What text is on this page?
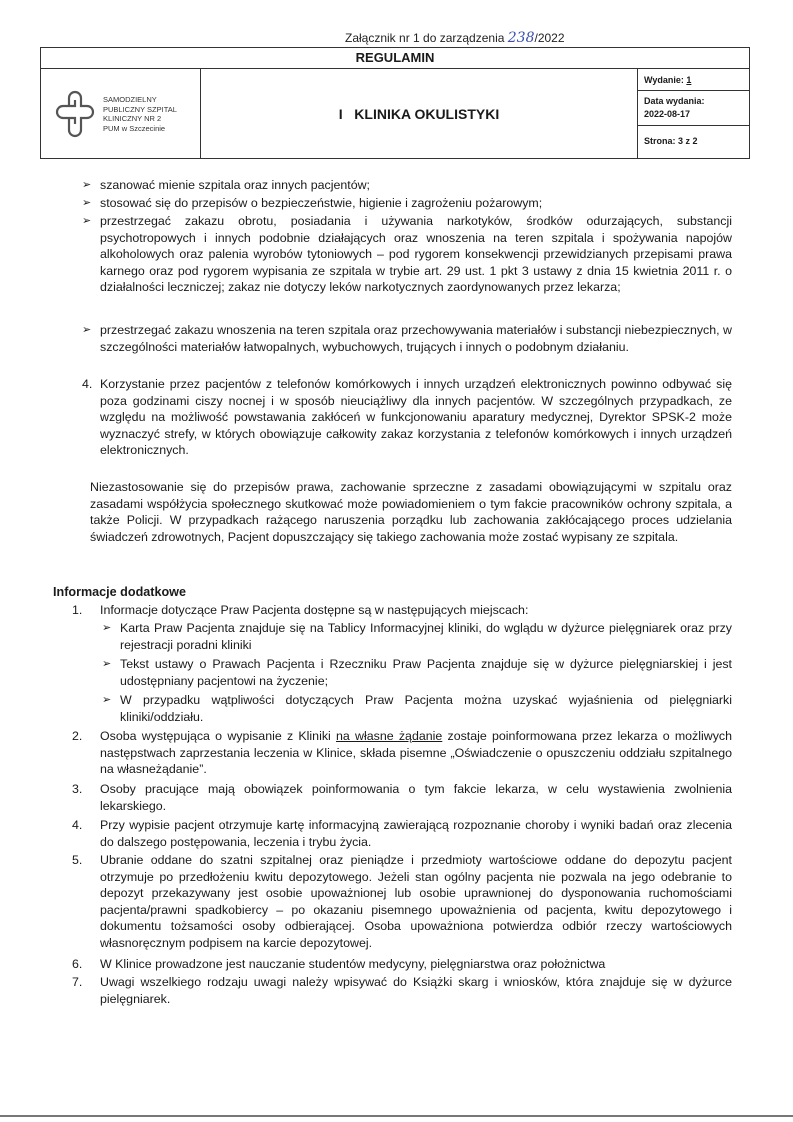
Załącznik nr 1 do zarządzenia 238/2022
REGULAMIN
SAMODZIELNY
PUBLICZNY SZPITAL
KLINICZNY NR 2
PUM w Szczecinie
I   KLINIKA OKULISTYKI
Wydanie: 1
Data wydania:
2022-08-17
Strona: 3 z 2
➢ szanować mienie szpitala oraz innych pacjentów;

➢ stosować się do przepisów o bezpieczeństwie, higienie i zagrożeniu pożarowym;

➢ przestrzegać zakazu obrotu, posiadania i używania narkotyków, środków odurzających, substancji psychotropowych i innych podobnie działających oraz wnoszenia na teren szpitala i spożywania napojów alkoholowych oraz palenia wyrobów tytoniowych – pod rygorem konsekwencji przewidzianych przepisami prawa karnego oraz pod rygorem wypisania ze szpitala w trybie art. 29 ust. 1 pkt 3 ustawy z dnia 15 kwietnia 2011 r. o działalności leczniczej; zakaz nie dotyczy leków narkotycznych zaordynowanych przez lekarza;

➢ przestrzegać zakazu wnoszenia na teren szpitala oraz przechowywania materiałów i substancji niebezpiecznych, w szczególności materiałów łatwopalnych, wybuchowych, trujących i innych o podobnym działaniu.

4. Korzystanie przez pacjentów z telefonów komórkowych i innych urządzeń elektronicznych powinno odbywać się poza godzinami ciszy nocnej i w sposób nieuciążliwy dla innych pacjentów. W szczególnych przypadkach, ze względu na możliwość powstawania zakłóceń w funkcjonowaniu aparatury medycznej, Dyrektor SPSK-2 może wyznaczyć strefy, w których obowiązuje całkowity zakaz korzystania z telefonów komórkowych i innych urządzeń elektronicznych.

Niezastosowanie się do przepisów prawa, zachowanie sprzeczne z zasadami obowiązującymi w szpitalu oraz zasadami współżycia społecznego skutkować może powiadomieniem o tym fakcie pracowników ochrony szpitala, a także Policji. W przypadkach rażącego naruszenia porządku lub zachowania zakłócającego proces udzielania świadczeń zdrowotnych, Pacjent dopuszczający się takiego zachowania może zostać wypisany ze szpitala.
Informacje dodatkowe
1. Informacje dotyczące Praw Pacjenta dostępne są w następujących miejscach:

➢ Karta Praw Pacjenta znajduje się na Tablicy Informacyjnej kliniki, do wglądu w dyżurce pielęgniarek oraz przy rejestracji poradni kliniki

➢ Tekst ustawy o Prawach Pacjenta i Rzeczniku Praw Pacjenta znajduje się w dyżurce pielęgniarskiej i jest udostępniany pacjentowi na życzenie;

➢ W przypadku wątpliwości dotyczących Praw Pacjenta można uzyskać wyjaśnienia od pielęgniarki kliniki/oddziału.

2. Osoba występująca o wypisanie z Kliniki na własne żądanie zostaje poinformowana przez lekarza o możliwych następstwach zaprzestania leczenia w Klinice, składa pisemne „Oświadczenie o opuszczeniu oddziału szpitalnego na własneżądanie”.

3. Osoby pracujące mają obowiązek poinformowania o tym fakcie lekarza, w celu wystawienia zwolnienia lekarskiego.

4. Przy wypisie pacjent otrzymuje kartę informacyjną zawierającą rozpoznanie choroby i wyniki badań oraz zlecenia do dalszego postępowania, leczenia i trybu życia.

5. Ubranie oddane do szatni szpitalnej oraz pieniądze i przedmioty wartościowe oddane do depozytu pacjent otrzymuje po przedłożeniu kwitu depozytowego. Jeżeli stan ogólny pacjenta nie pozwala na jego odebranie to depozyt przekazywany jest osobie upoważnionej lub osobie uprawnionej do dysponowania ruchomościami pacjenta/prawni spadkobiercy – po okazaniu pisemnego upoważnienia od pacjenta, kwitu depozytowego i dokumentu tożsamości osoby odbierającej. Osoba upoważniona potwierdza odbiór rzeczy wartościowych własnoręcznym podpisem na karcie depozytowej.

6. W Klinice prowadzone jest nauczanie studentów medycyny, pielęgniarstwa oraz położnictwa

7. Uwagi wszelkiego rodzaju uwagi należy wpisywać do Książki skarg i wniosków, która znajduje się w dyżurce pielęgniarek.
